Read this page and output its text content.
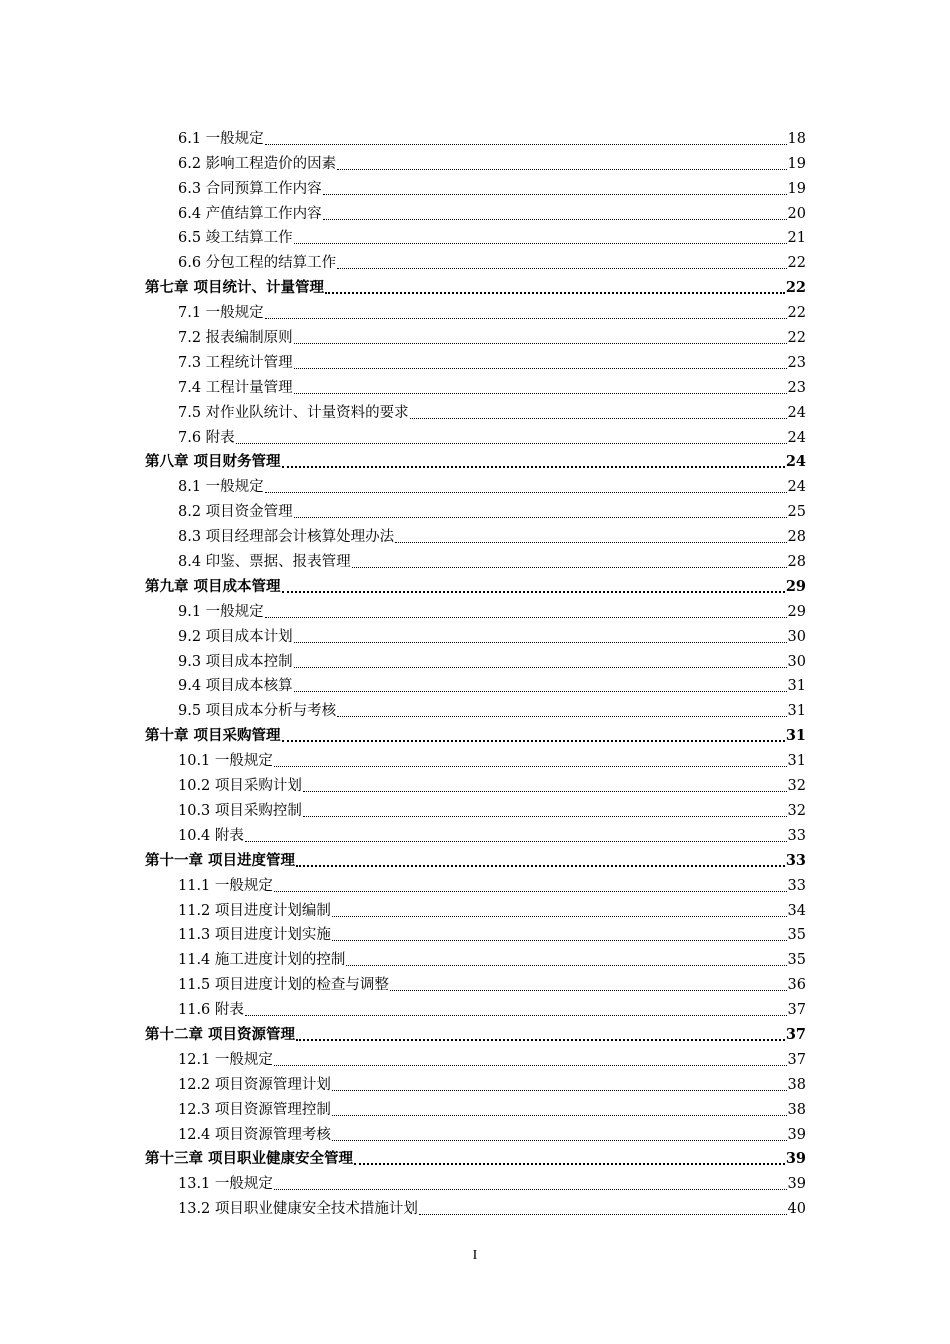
6.1 一般规定	18
6.2 影响工程造价的因素	19
6.3 合同预算工作内容	19
6.4 产值结算工作内容	20
6.5 竣工结算工作	21
6.6 分包工程的结算工作	22
第七章 项目统计、计量管理	22
7.1 一般规定	22
7.2 报表编制原则	22
7.3 工程统计管理	23
7.4 工程计量管理	23
7.5 对作业队统计、计量资料的要求	24
7.6 附表	24
第八章 项目财务管理	24
8.1 一般规定	24
8.2 项目资金管理	25
8.3 项目经理部会计核算处理办法	28
8.4 印鉴、票据、报表管理	28
第九章 项目成本管理	29
9.1 一般规定	29
9.2 项目成本计划	30
9.3 项目成本控制	30
9.4 项目成本核算	31
9.5 项目成本分析与考核	31
第十章 项目采购管理	31
10.1 一般规定	31
10.2 项目采购计划	32
10.3 项目采购控制	32
10.4 附表	33
第十一章 项目进度管理	33
11.1 一般规定	33
11.2 项目进度计划编制	34
11.3 项目进度计划实施	35
11.4 施工进度计划的控制	35
11.5 项目进度计划的检查与调整	36
11.6 附表	37
第十二章 项目资源管理	37
12.1 一般规定	37
12.2 项目资源管理计划	38
12.3 项目资源管理控制	38
12.4 项目资源管理考核	39
第十三章 项目职业健康安全管理	39
13.1 一般规定	39
13.2 项目职业健康安全技术措施计划	40
I
